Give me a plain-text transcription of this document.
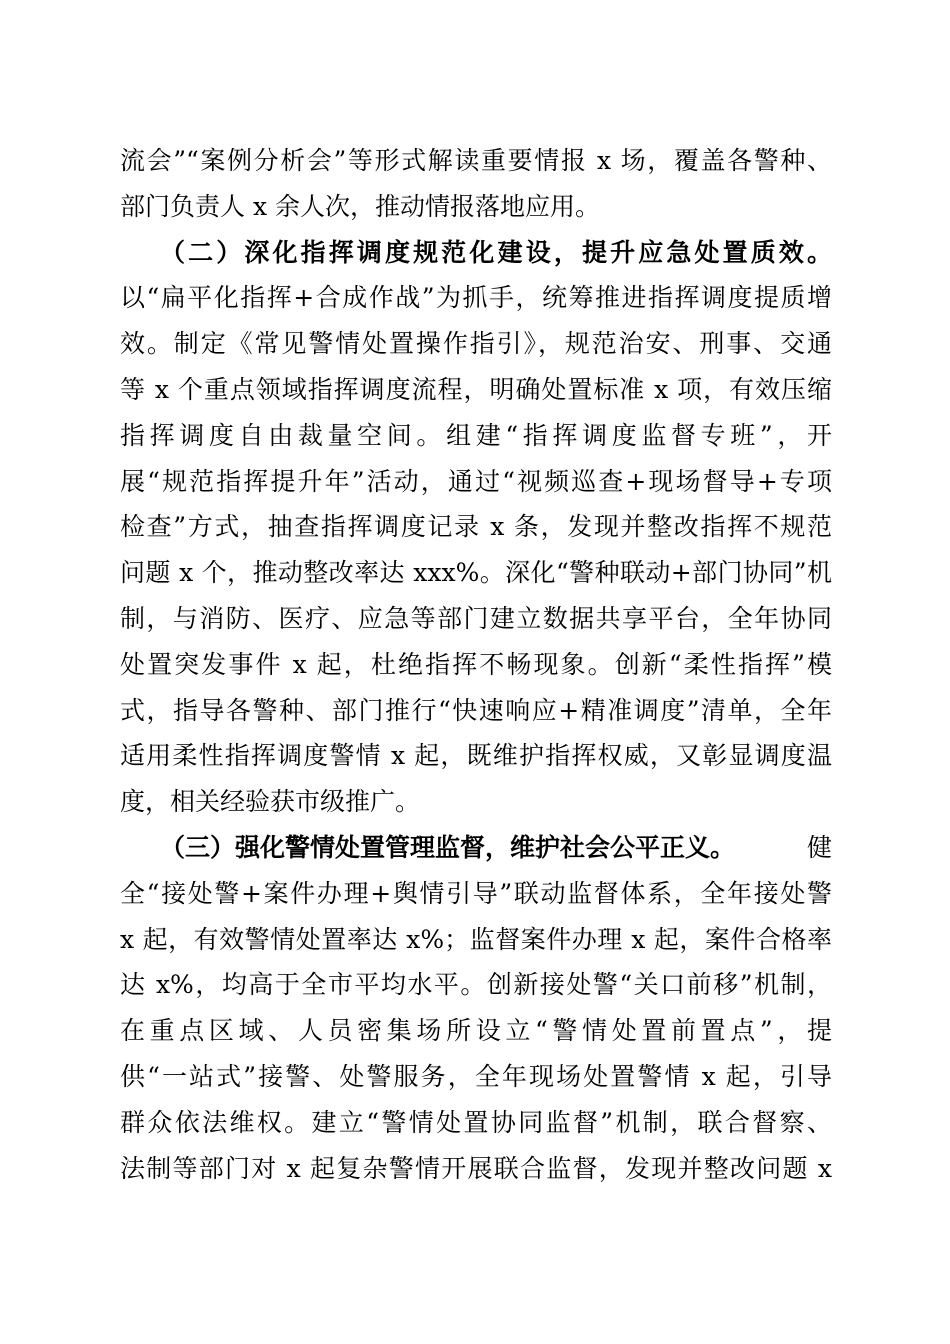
流会”“案例分析会”等形式解读重要情报 x 场，覆盖各警种、
部门负责人 x 余人次，推动情报落地应用。
（二）深化指挥调度规范化建设，提升应急处置质效。
以“扁平化指挥+合成作战”为抓手，统筹推进指挥调度提质增
效。制定《常见警情处置操作指引》，规范治安、刑事、交通
等 x 个重点领域指挥调度流程，明确处置标准 x 项，有效压缩
指挥调度自由裁量空间。组建“指挥调度监督专班”，开
展“规范指挥提升年”活动，通过“视频巡查+现场督导+专项
检查”方式，抽查指挥调度记录 x 条，发现并整改指挥不规范
问题 x 个，推动整改率达 xxx%。深化“警种联动+部门协同”机
制，与消防、医疗、应急等部门建立数据共享平台，全年协同
处置突发事件 x 起，杜绝指挥不畅现象。创新“柔性指挥”模
式，指导各警种、部门推行“快速响应+精准调度”清单，全年
适用柔性指挥调度警情 x 起，既维护指挥权威，又彰显调度温
度，相关经验获市级推广。
（三）强化警情处置管理监督，维护社会公平正义。	健
全“接处警+案件办理+舆情引导”联动监督体系，全年接处警
x 起，有效警情处置率达 x%；监督案件办理 x 起，案件合格率
达 x%，均高于全市平均水平。创新接处警“关口前移”机制，
在重点区域、人员密集场所设立“警情处置前置点”，提
供“一站式”接警、处警服务，全年现场处置警情 x 起，引导
群众依法维权。建立“警情处置协同监督”机制，联合督察、
法制等部门对 x 起复杂警情开展联合监督，发现并整改问题 x
